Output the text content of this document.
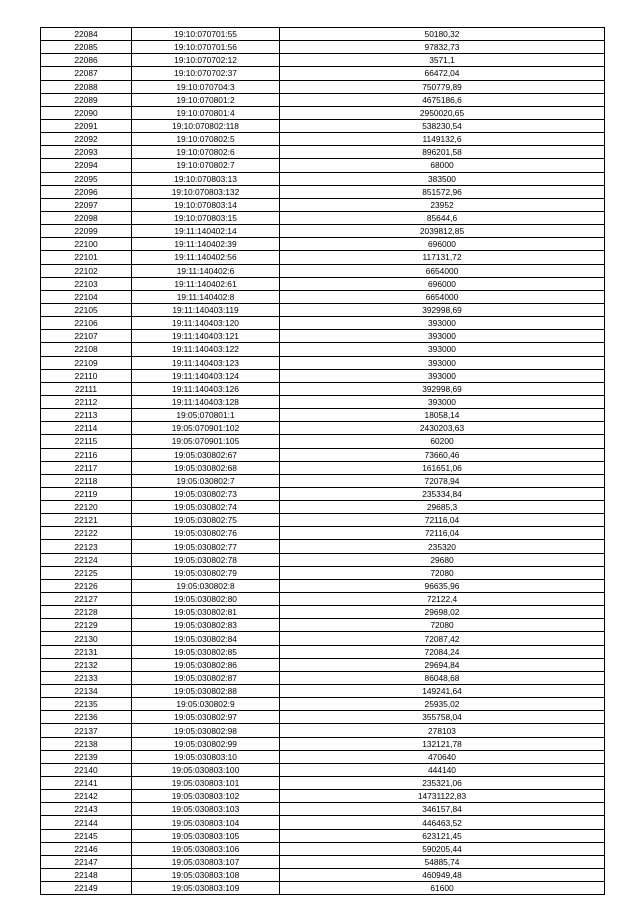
22084	19:10:070701:55	50180,32
22085	19:10:070701:56	97832,73
22086	19:10:070702:12	3571,1
22087	19:10:070702:37	66472,04
22088	19:10:070704:3	750779,89
22089	19:10:070801:2	4675186,6
22090	19:10:070801:4	2950020,65
22091	19:10:070802:118	538230,54
22092	19:10:070802:5	1149132,6
22093	19:10:070802:6	896201,58
22094	19:10:070802:7	68000
22095	19:10:070803:13	383500
22096	19:10:070803:132	851572,96
22097	19:10:070803:14	23952
22098	19:10:070803:15	85644,6
22099	19:11:140402:14	2039812,85
22100	19:11:140402:39	696000
22101	19:11:140402:56	117131,72
22102	19:11:140402:6	6654000
22103	19:11:140402:61	696000
22104	19:11:140402:8	6654000
22105	19:11:140403:119	392998,69
22106	19:11:140403:120	393000
22107	19:11:140403:121	393000
22108	19:11:140403:122	393000
22109	19:11:140403:123	393000
22110	19:11:140403:124	393000
22111	19:11:140403:126	392998,69
22112	19:11:140403:128	393000
22113	19:05:070801:1	18058,14
22114	19:05:070901:102	2430203,63
22115	19:05:070901:105	60200
22116	19:05:030802:67	73660,46
22117	19:05:030802:68	161651,06
22118	19:05:030802:7	72078,94
22119	19:05:030802:73	235334,84
22120	19:05:030802:74	29685,3
22121	19:05:030802:75	72116,04
22122	19:05:030802:76	72116,04
22123	19:05:030802:77	235320
22124	19:05:030802:78	29680
22125	19:05:030802:79	72080
22126	19:05:030802:8	96635,96
22127	19:05:030802:80	72122,4
22128	19:05:030802:81	29698,02
22129	19:05:030802:83	72080
22130	19:05:030802:84	72087,42
22131	19:05:030802:85	72084,24
22132	19:05:030802:86	29694,84
22133	19:05:030802:87	86048,68
22134	19:05:030802:88	149241,64
22135	19:05:030802:9	25935,02
22136	19:05:030802:97	355758,04
22137	19:05:030802:98	278103
22138	19:05:030802:99	132121,78
22139	19:05:030803:10	470640
22140	19:05:030803:100	444140
22141	19:05:030803:101	235321,06
22142	19:05:030803:102	14731122,83
22143	19:05:030803:103	346157,84
22144	19:05:030803:104	446463,52
22145	19:05:030803:105	623121,45
22146	19:05:030803:106	590205,44
22147	19:05:030803:107	54885,74
22148	19:05:030803:108	460949,48
22149	19:05:030803:109	61600
